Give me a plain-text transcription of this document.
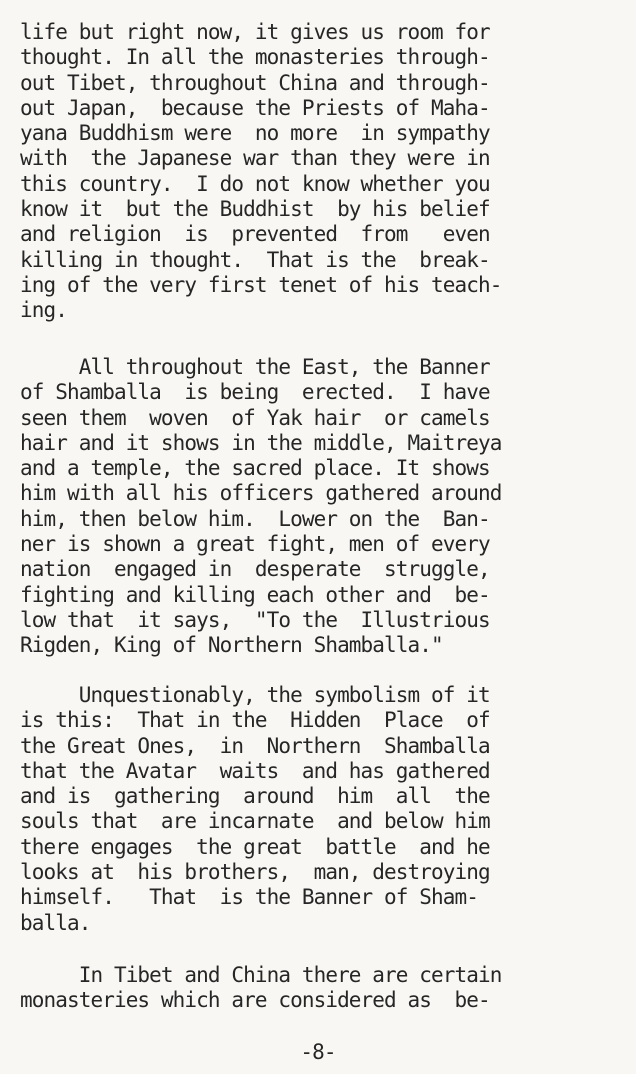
life but right now, it gives us room for
thought. In all the monasteries through-
out Tibet, throughout China and through-
out Japan,  because the Priests of Maha-
yana Buddhism were  no more  in sympathy
with  the Japanese war than they were in
this country.  I do not know whether you
know it  but the Buddhist  by his belief
and religion  is  prevented  from   even
killing in thought.  That is the  break-
ing of the very first tenet of his teach-
ing.
All throughout the East, the Banner
of Shamballa  is being  erected.  I have
seen them  woven  of Yak hair  or camels
hair and it shows in the middle, Maitreya
and a temple, the sacred place. It shows
him with all his officers gathered around
him, then below him.  Lower on the  Ban-
ner is shown a great fight, men of every
nation  engaged in  desperate  struggle,
fighting and killing each other and  be-
low that  it says,  "To the  Illustrious
Rigden, King of Northern Shamballa."
Unquestionably, the symbolism of it
is this:  That in the  Hidden  Place  of
the Great Ones,  in  Northern  Shamballa
that the Avatar  waits  and has gathered
and is  gathering  around  him  all  the
souls that  are incarnate  and below him
there engages  the great  battle  and he
looks at  his brothers,  man, destroying
himself.   That  is the Banner of Sham-
balla.
In Tibet and China there are certain
monasteries which are considered as  be-
-8-
